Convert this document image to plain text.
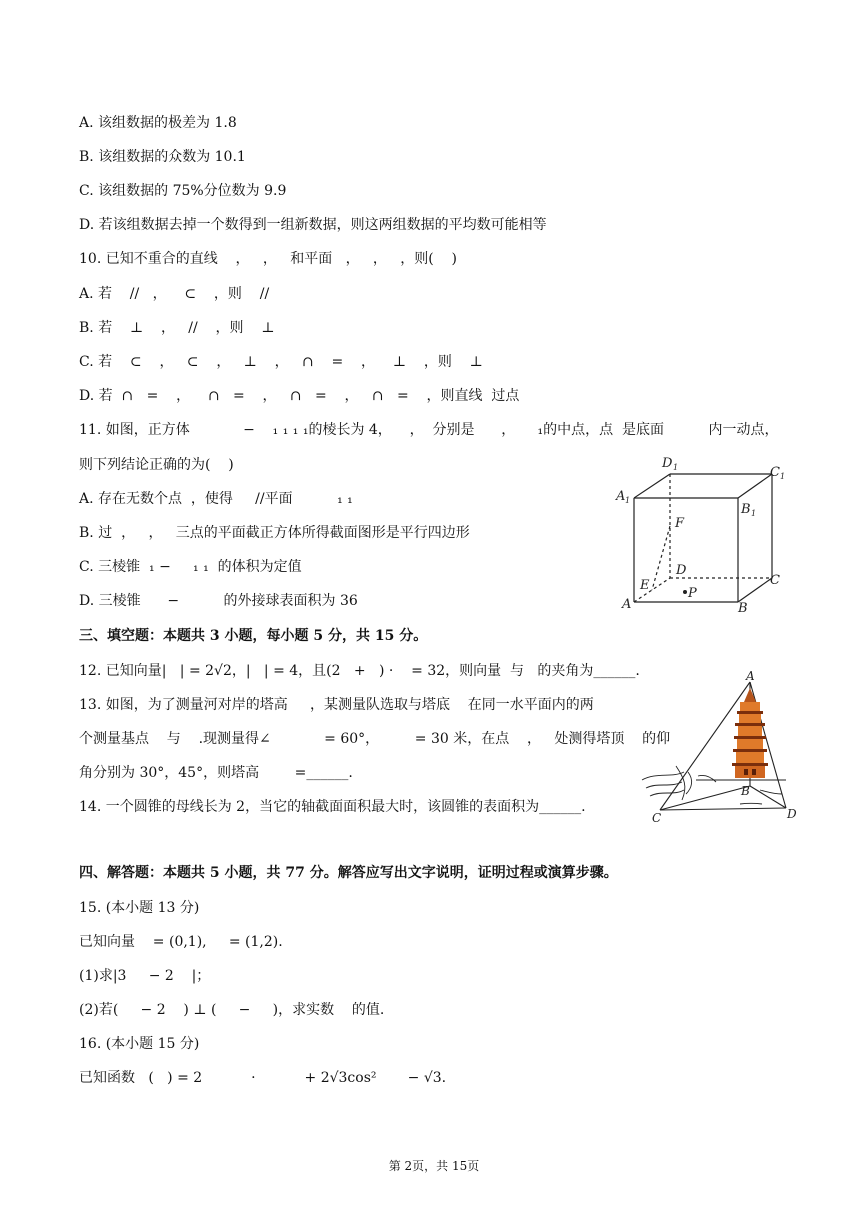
A. 该组数据的极差为 1.8
B. 该组数据的众数为 10.1
C. 该组数据的 75%分位数为 9.9
D. 若该组数据去掉一个数得到一组新数据，则这两组数据的平均数可能相等
10. 已知不重合的直线    ，   ，   和平面   ，   ，   ，则(    )
A. 若    //   ，    ⊂    ，则    //
B. 若    ⊥    ，   //    ，则    ⊥
C. 若    ⊂    ，   ⊂    ，   ⊥    ，   ∩    =    ，    ⊥    ，则    ⊥
D. 若  ∩   =    ，    ∩   =    ，   ∩   =    ，   ∩   =    ，则直线  过点
11. 如图，正方体            −    ₁ ₁ ₁ ₁的棱长为 4，    ，  分别是      ，     ₁的中点，点  是底面          内一动点，
则下列结论正确的为(    )
A. 存在无数个点  ，使得     //平面          ₁ ₁
B. 过  ，   ，   三点的平面截正方体所得截面图形是平行四边形
C. 三棱锥  ₁ −     ₁ ₁  的体积为定值
D. 三棱锥      −          的外接球表面积为 36
D 1	C 1
A 1
B 1
F
D
C
E
P
A	B
三、填空题：本题共 3 小题，每小题 5 分，共 15 分。
12. 已知向量|   | = 2√2，|   | = 4，且(2   +   ) ·    = 32，则向量  与   的夹角为______.
13. 如图，为了测量河对岸的塔高     ，某测量队选取与塔底    在同一水平面内的两
个测量基点    与    .现测量得∠            = 60°，        = 30 米，在点    ，   处测得塔顶    的仰
角分别为 30°，45°，则塔高        =______.
14. 一个圆锥的母线长为 2，当它的轴截面面积最大时，该圆锥的表面积为______.
A
B
C	D
四、解答题：本题共 5 小题，共 77 分。解答应写出文字说明，证明过程或演算步骤。
15. (本小题 13 分)
已知向量    = (0,1),     = (1,2).
(1)求|3     − 2    |；
(2)若(     − 2    ) ⊥ (     −     )，求实数    的值.
16. (本小题 15 分)
已知函数   (   ) = 2           ·           + 2√3cos²       − √3.
第 2页，共 15页
